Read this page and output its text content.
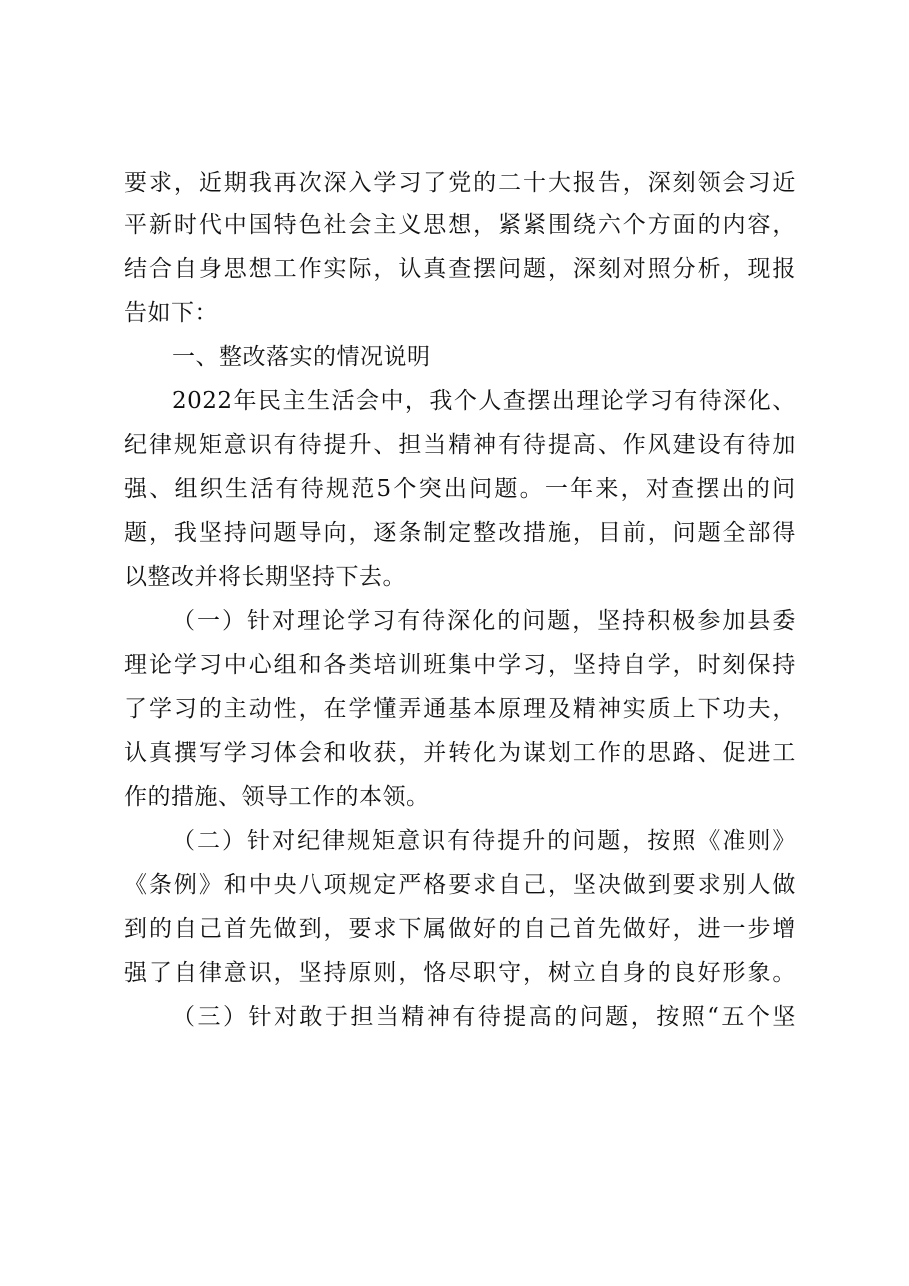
要 求 ， 近 期 我 再 次 深 入 学 习 了 党 的 二 十 大 报 告 ， 深 刻 领 会 习 近
平 新 时 代 中 国 特 色 社 会 主 义 思 想 ， 紧 紧 围 绕 六 个 方 面 的 内 容 ，
结 合 自 身 思 想 工 作 实 际 ， 认 真 查 摆 问 题 ， 深 刻 对 照 分 析 ， 现 报
告 如 下 ：
一 、 整 改 落 实 的 情 况 说 明
2022 年 民 主 生 活 会 中 ， 我 个 人 查 摆 出 理 论 学 习 有 待 深 化 、
纪 律 规 矩 意 识 有 待 提 升 、 担 当 精 神 有 待 提 高 、 作 风 建 设 有 待 加
强 、 组 织 生 活 有 待 规 范 5 个 突 出 问 题 。 一 年 来 ， 对 查 摆 出 的 问
题 ， 我 坚 持 问 题 导 向 ， 逐 条 制 定 整 改 措 施 ， 目 前 ， 问 题 全 部 得
以 整 改 并 将 长 期 坚 持 下 去 。
（ 一 ） 针 对 理 论 学 习 有 待 深 化 的 问 题 ， 坚 持 积 极 参 加 县 委
理 论 学 习 中 心 组 和 各 类 培 训 班 集 中 学 习 ， 坚 持 自 学 ， 时 刻 保 持
了 学 习 的 主 动 性 ， 在 学 懂 弄 通 基 本 原 理 及 精 神 实 质 上 下 功 夫 ，
认 真 撰 写 学 习 体 会 和 收 获 ， 并 转 化 为 谋 划 工 作 的 思 路 、 促 进 工
作 的 措 施 、 领 导 工 作 的 本 领 。
（ 二 ） 针 对 纪 律 规 矩 意 识 有 待 提 升 的 问 题 ， 按 照 《 准 则 》
《 条 例 》 和 中 央 八 项 规 定 严 格 要 求 自 己 ， 坚 决 做 到 要 求 别 人 做
到 的 自 己 首 先 做 到 ， 要 求 下 属 做 好 的 自 己 首 先 做 好 ， 进 一 步 增
强 了 自 律 意 识 ， 坚 持 原 则 ， 恪 尽 职 守 ， 树 立 自 身 的 良 好 形 象 。
（ 三 ） 针 对 敢 于 担 当 精 神 有 待 提 高 的 问 题 ， 按 照 “ 五 个 坚
